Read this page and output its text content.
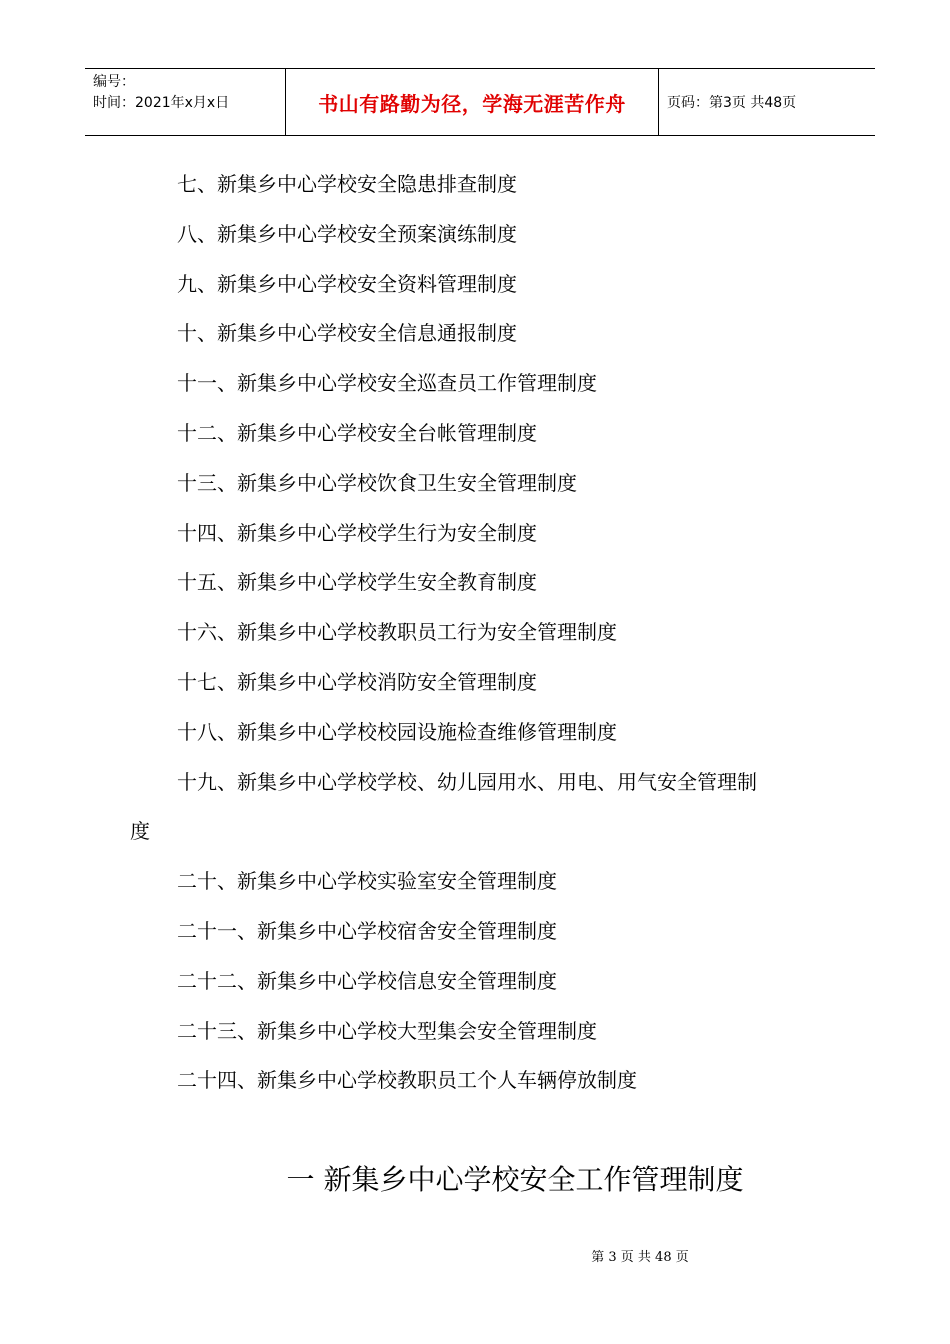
编号：
时间：2021年x月x日	书山有路勤为径，学海无涯苦作舟	页码：第3页 共48页
七、新集乡中心学校安全隐患排查制度
八、新集乡中心学校安全预案演练制度
九、新集乡中心学校安全资料管理制度
十、新集乡中心学校安全信息通报制度
十一、新集乡中心学校安全巡查员工作管理制度
十二、新集乡中心学校安全台帐管理制度
十三、新集乡中心学校饮食卫生安全管理制度
十四、新集乡中心学校学生行为安全制度
十五、新集乡中心学校学生安全教育制度
十六、新集乡中心学校教职员工行为安全管理制度
十七、新集乡中心学校消防安全管理制度
十八、新集乡中心学校校园设施检查维修管理制度
十九、新集乡中心学校学校、幼儿园用水、用电、用气安全管理制
度
二十、新集乡中心学校实验室安全管理制度
二十一、新集乡中心学校宿舍安全管理制度
二十二、新集乡中心学校信息安全管理制度
二十三、新集乡中心学校大型集会安全管理制度
二十四、新集乡中心学校教职员工个人车辆停放制度
一 新集乡中心学校安全工作管理制度
第 3 页 共 48 页
